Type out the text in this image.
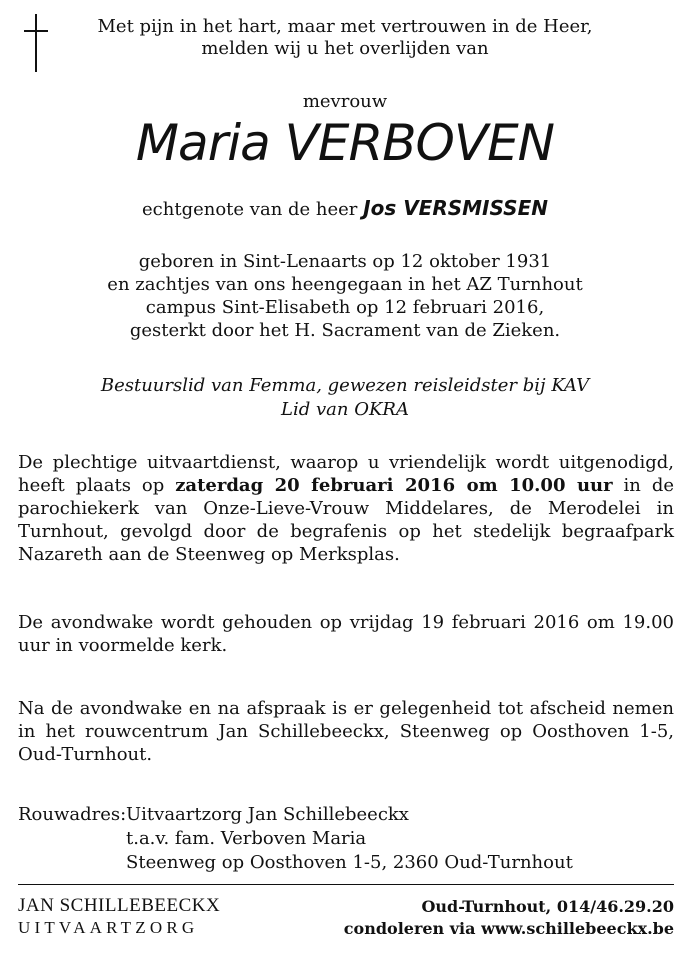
Met pijn in het hart, maar met vertrouwen in de Heer,
melden wij u het overlijden van
mevrouw
Maria VERBOVEN
echtgenote van de heer Jos VERSMISSEN
geboren in Sint-Lenaarts op 12 oktober 1931
en zachtjes van ons heengegaan in het AZ Turnhout
campus Sint-Elisabeth op 12 februari 2016,
gesterkt door het H. Sacrament van de Zieken.
Bestuurslid van Femma, gewezen reisleidster bij KAV
Lid van OKRA
De plechtige uitvaartdienst, waarop u vriendelijk wordt uitgenodigd, heeft plaats op zaterdag 20 februari 2016 om 10.00 uur in de parochiekerk van Onze-Lieve-Vrouw Middelares, de Merodelei in Turnhout, gevolgd door de begrafenis op het stedelijk begraafpark Nazareth aan de Steenweg op Merksplas.
De avondwake wordt gehouden op vrijdag 19 februari 2016 om 19.00 uur in voormelde kerk.
Na de avondwake en na afspraak is er gelegenheid tot afscheid nemen in het rouwcentrum Jan Schillebeeckx, Steenweg op Oosthoven 1-5, Oud-Turnhout.
Rouwadres: Uitvaartzorg Jan Schillebeeckx
t.a.v. fam. Verboven Maria
Steenweg op Oosthoven 1-5, 2360 Oud-Turnhout
JAN SCHILLEBEECKX
UITVAARTZORG
Oud-Turnhout, 014/46.29.20
condoleren via www.schillebeeckx.be
